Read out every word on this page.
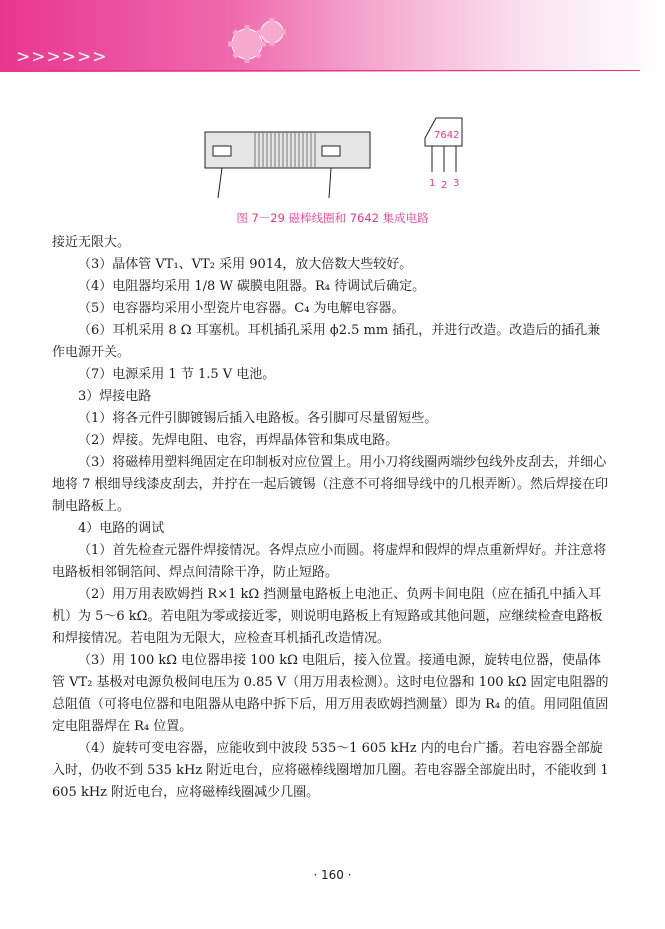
>>>>>>
7642
1 2 3
图 7－29 磁棒线圈和 7642 集成电路

接近无限大。

（3）晶体管 VT₁、VT₂ 采用 9014，放大倍数大些较好。

（4）电阻器均采用 1/8 W 碳膜电阻器。R₄ 待调试后确定。

（5）电容器均采用小型瓷片电容器。C₄ 为电解电容器。

（6）耳机采用 8 Ω 耳塞机。耳机插孔采用 ϕ2.5 mm 插孔，并进行改造。改造后的插孔兼作电源开关。

（7）电源采用 1 节 1.5 V 电池。

3）焊接电路

（1）将各元件引脚镀锡后插入电路板。各引脚可尽量留短些。

（2）焊接。先焊电阻、电容，再焊晶体管和集成电路。

（3）将磁棒用塑料绳固定在印制板对应位置上。用小刀将线圈两端纱包线外皮刮去，并细心地将 7 根细导线漆皮刮去，并拧在一起后镀锡（注意不可将细导线中的几根弄断）。然后焊接在印制电路板上。

4）电路的调试

（1）首先检查元器件焊接情况。各焊点应小而圆。将虚焊和假焊的焊点重新焊好。并注意将电路板相邻铜箔间、焊点间清除干净，防止短路。

（2）用万用表欧姆挡 R×1 kΩ 挡测量电路板上电池正、负两卡间电阻（应在插孔中插入耳机）为 5～6 kΩ。若电阻为零或接近零，则说明电路板上有短路或其他问题，应继续检查电路板和焊接情况。若电阻为无限大，应检查耳机插孔改造情况。

（3）用 100 kΩ 电位器串接 100 kΩ 电阻后，接入位置。接通电源，旋转电位器，使晶体管 VT₂ 基极对电源负极间电压为 0.85 V（用万用表检测）。这时电位器和 100 kΩ 固定电阻器的总阻值（可将电位器和电阻器从电路中拆下后，用万用表欧姆挡测量）即为 R₄ 的值。用同阻值固定电阻器焊在 R₄ 位置。

（4）旋转可变电容器，应能收到中波段 535～1 605 kHz 内的电台广播。若电容器全部旋入时，仍收不到 535 kHz 附近电台，应将磁棒线圈增加几圈。若电容器全部旋出时，不能收到 1 605 kHz 附近电台，应将磁棒线圈减少几圈。

· 160 ·
